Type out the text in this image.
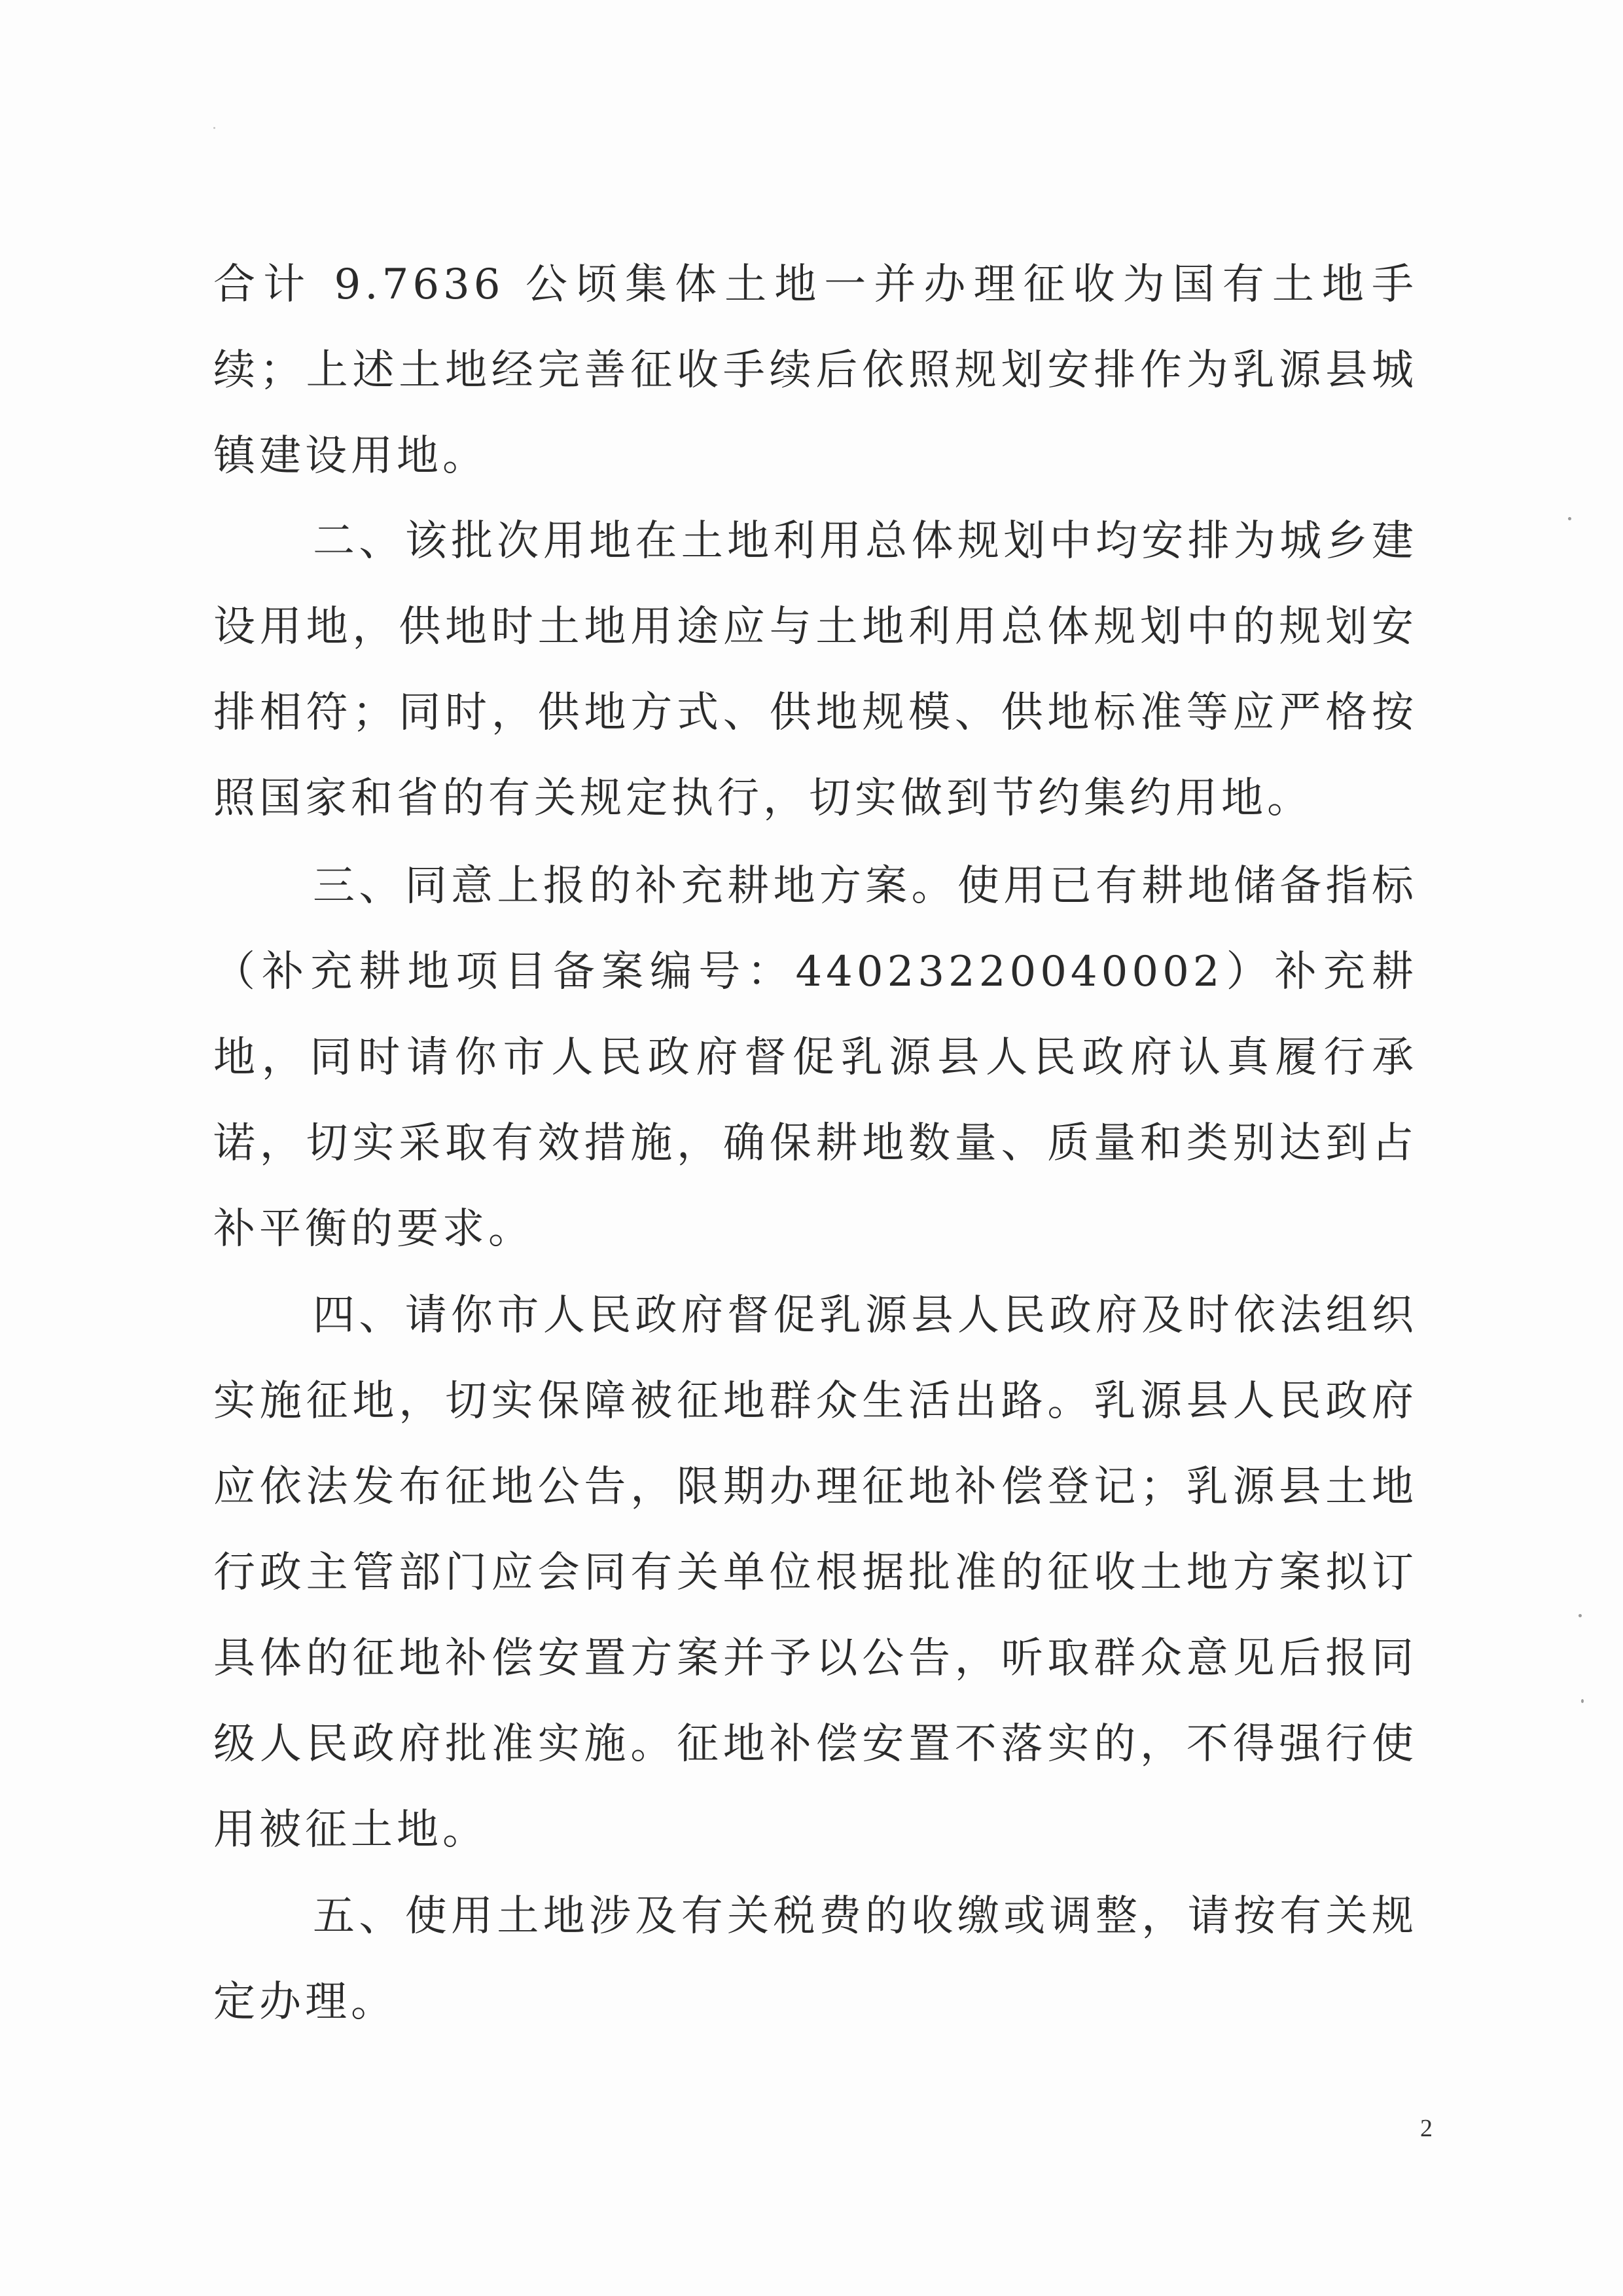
合计 9.7636 公顷集体土地一并办理征收为国有土地手续；上述土地经完善征收手续后依照规划安排作为乳源县城镇建设用地。

二、该批次用地在土地利用总体规划中均安排为城乡建设用地，供地时土地用途应与土地利用总体规划中的规划安排相符；同时，供地方式、供地规模、供地标准等应严格按照国家和省的有关规定执行，切实做到节约集约用地。

三、同意上报的补充耕地方案。使用已有耕地储备指标（补充耕地项目备案编号：44023220040002）补充耕地，同时请你市人民政府督促乳源县人民政府认真履行承诺，切实采取有效措施，确保耕地数量、质量和类别达到占补平衡的要求。

四、请你市人民政府督促乳源县人民政府及时依法组织实施征地，切实保障被征地群众生活出路。乳源县人民政府应依法发布征地公告，限期办理征地补偿登记；乳源县土地行政主管部门应会同有关单位根据批准的征收土地方案拟订具体的征地补偿安置方案并予以公告，听取群众意见后报同级人民政府批准实施。征地补偿安置不落实的，不得强行使用被征土地。

五、使用土地涉及有关税费的收缴或调整，请按有关规定办理。

2
